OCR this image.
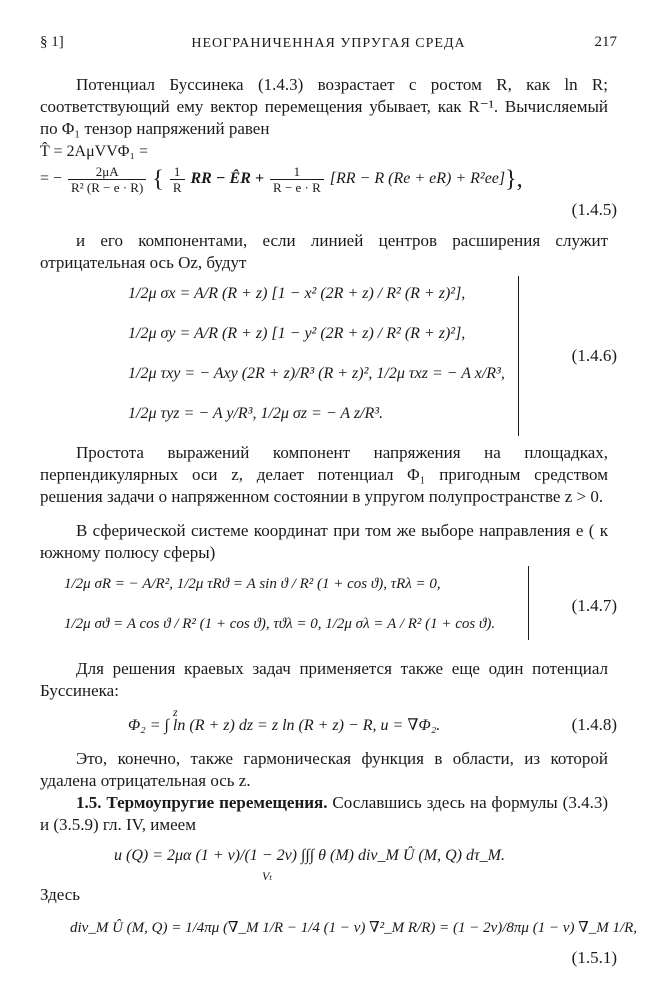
§ 1]	НЕОГРАНИЧЕННАЯ УПРУГАЯ СРЕДА	217
Потенциал Буссинека (1.4.3) возрастает с ростом R, как ln R; соответствующий ему вектор перемещения убывает, как R⁻¹. Вычисляемый по Φ₁ тензор напряжений равен
T̂ = 2AμVVΦ₁ =
= − $\frac{2\mu A}{\text{R² (R − e · R)}}$ { $\frac{1}{R}$ RR − ÊR + $\frac{1}{R - e \cdot R} [RR - R$ (Re + eR) + R²ee]},
(1.4.5)
и его компонентами, если линией центров расширения служит отрицательная ось Oz, будут
1/2μ σx = A/R (R + z) [1 − x² (2R + z) / R² (R + z)²],
1/2μ σy = A/R (R + z) [1 − y² (2R + z) / R² (R + z)²],
1/2μ τxy = − Axy (2R + z)/R³ (R + z)², 1/2μ τxz = − A x/R³,
1/2μ τyz = − A y/R³, 1/2μ σz = − A z/R³.
(1.4.6)
Простота выражений компонент напряжения на площадках, перпендикулярных оси z, делает потенциал Φ₁ пригодным средством решения задачи о напряженном состоянии в упругом полупространстве z > 0.
В сферической системе координат при том же выборе направления e ( к южному полюсу сферы)
1/2μ σR = − A/R², 1/2μ τRϑ = A sin ϑ / R² (1 + cos ϑ), τRλ = 0,
1/2μ σϑ = A cos ϑ / R² (1 + cos ϑ), τϑλ = 0, 1/2μ σλ = A / R² (1 + cos ϑ).
(1.4.7)
Для решения краевых задач применяется также еще один потенциал Буссинека:
z
Φ₂ = ∫ ln (R + z) dz = z ln (R + z) − R, u = ∇Φ₂.	(1.4.8)
Это, конечно, также гармоническая функция в области, из которой удалена отрицательная ось z.
1.5. Термоупругие перемещения. Сославшись здесь на формулы (3.4.3) и (3.5.9) гл. IV, имеем
u (Q) = 2μα (1 + ν)/(1 − 2ν) ∫∫∫ θ (M) div_M Û (M, Q) dτ_M.
Vₜ
Здесь
div_M Û (M, Q) = 1/4πμ (∇_M 1/R − 1/4 (1 − ν) ∇²_M R/R) = (1 − 2ν)/8πμ (1 − ν) ∇_M 1/R,
(1.5.1)
